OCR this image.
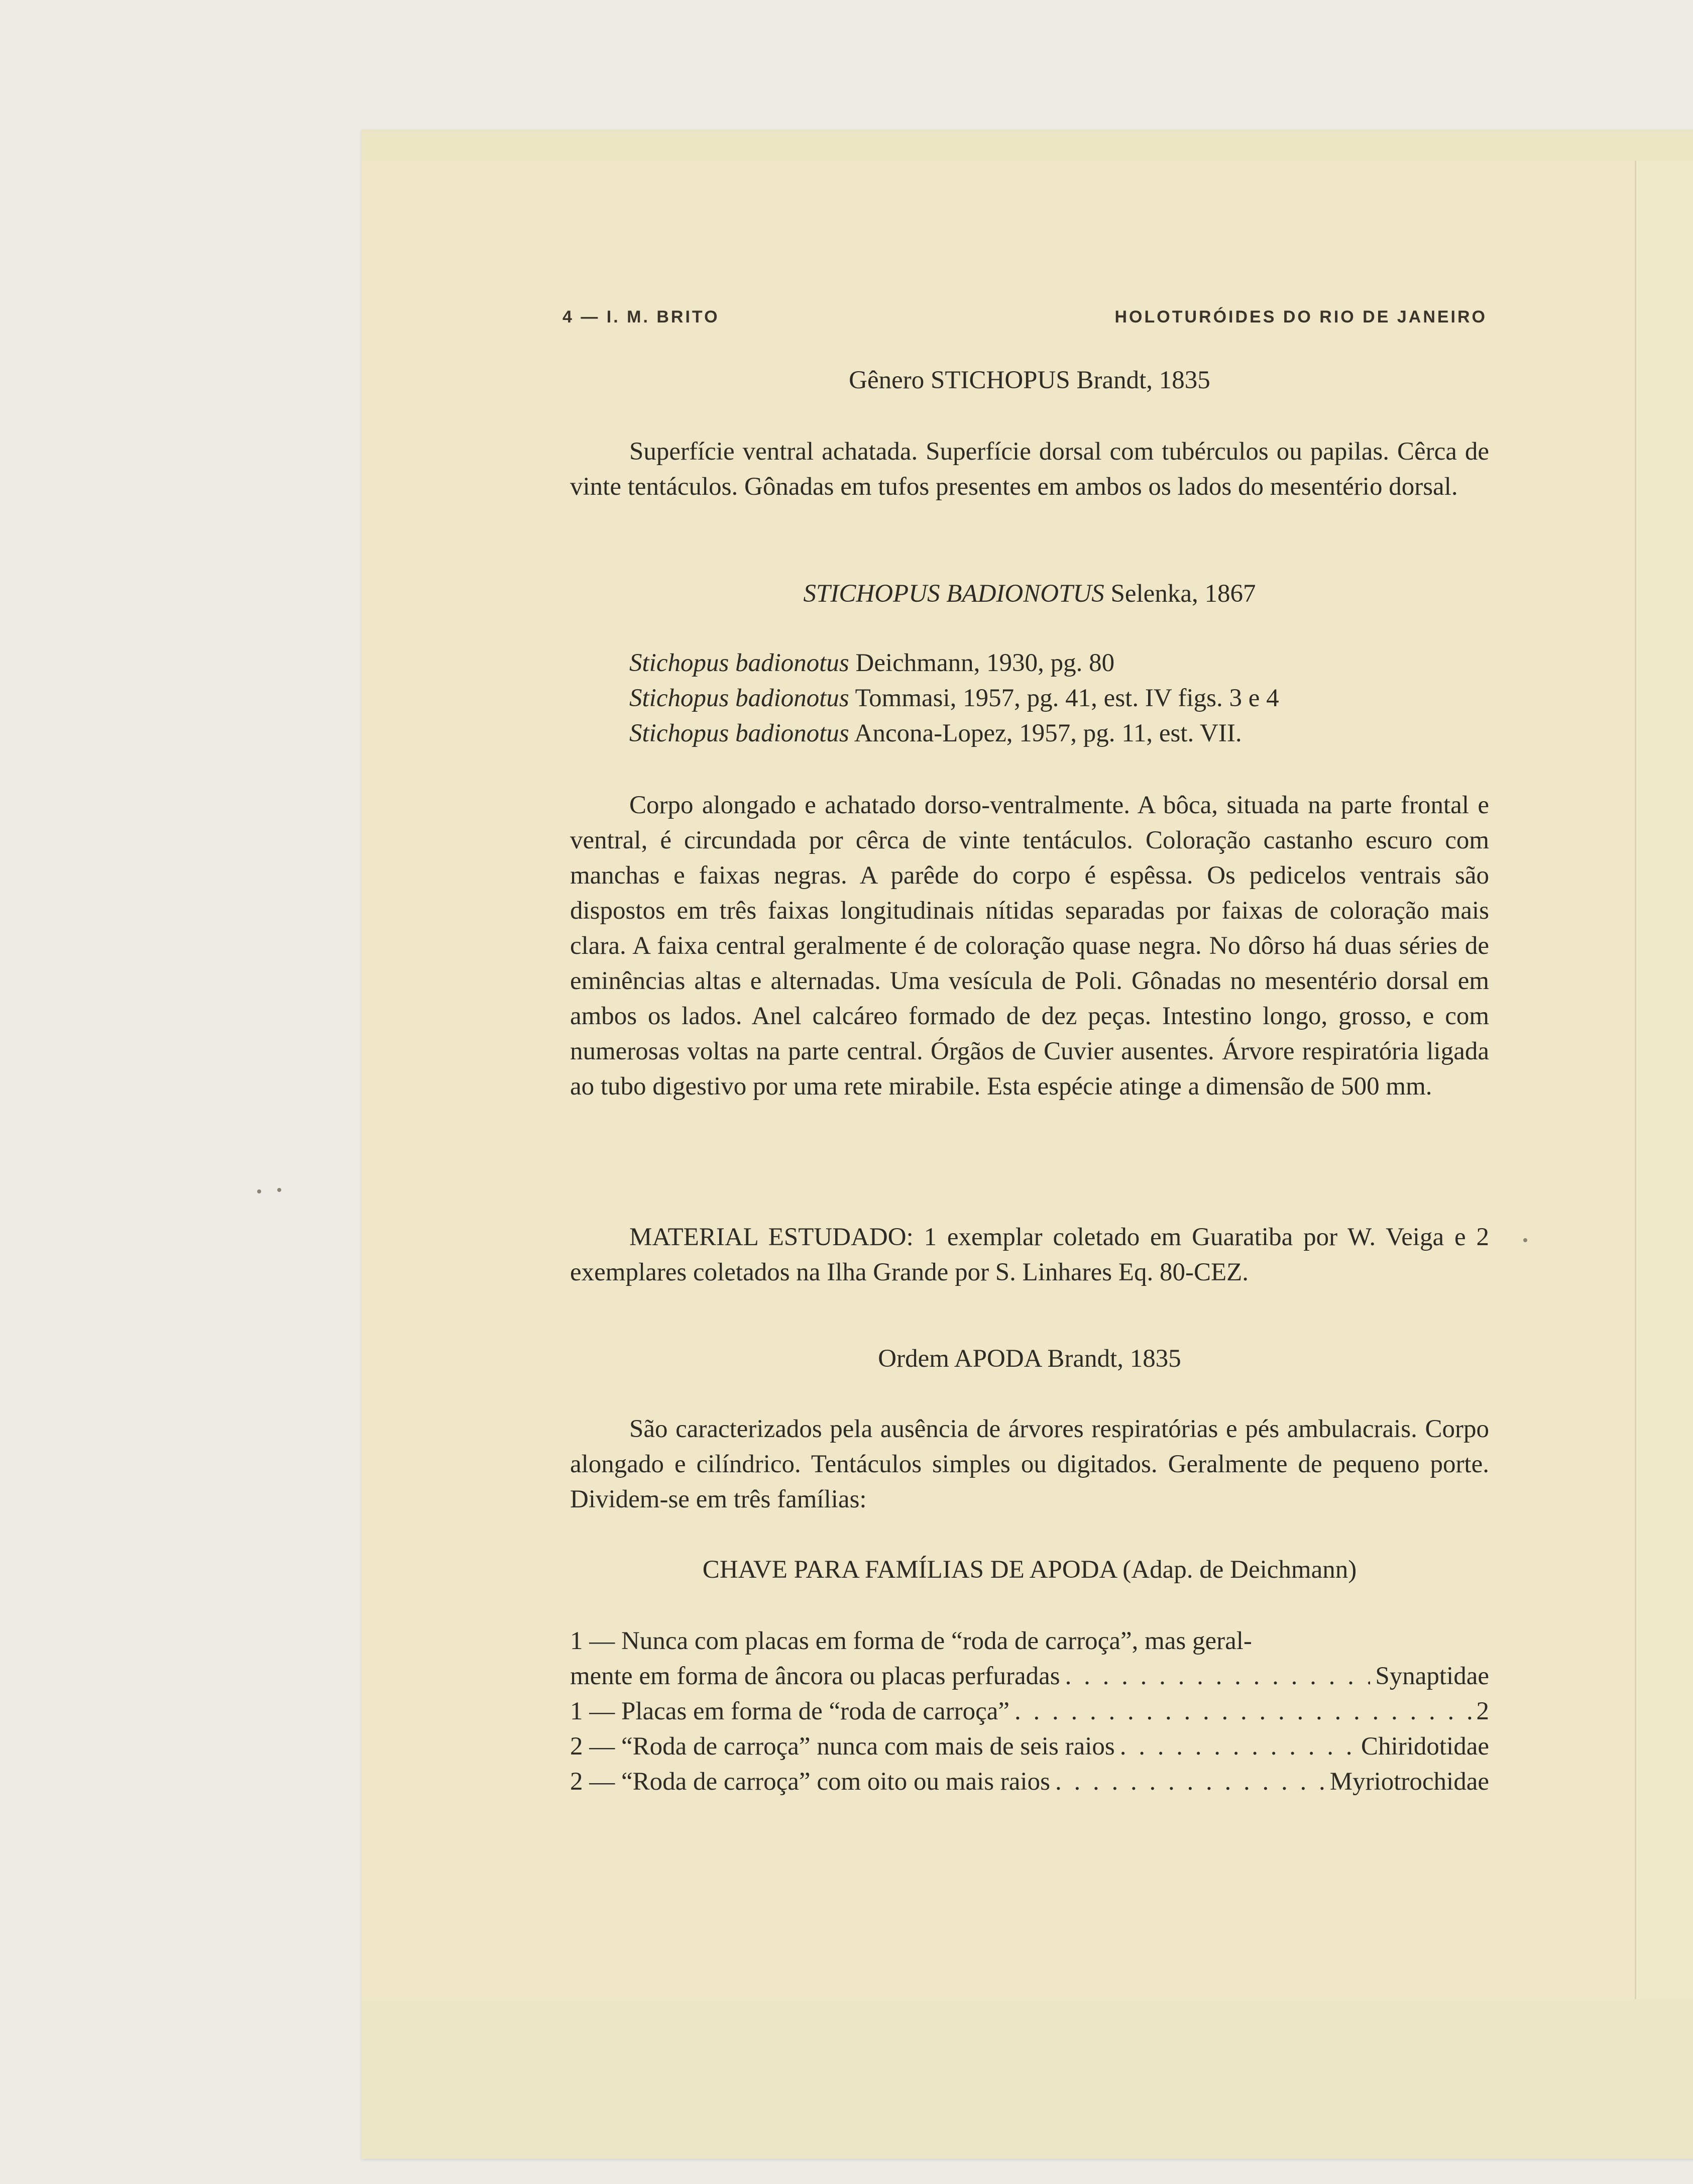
4 — I. M. BRITO	HOLOTURÓIDES DO RIO DE JANEIRO
Gênero STICHOPUS Brandt, 1835

Superfície ventral achatada. Superfície dorsal com tubérculos ou papilas. Cêrca de vinte tentáculos. Gônadas em tufos presentes em ambos os lados do mesentério dorsal.

STICHOPUS BADIONOTUS Selenka, 1867
Stichopus badionotus Deichmann, 1930, pg. 80
Stichopus badionotus Tommasi, 1957, pg. 41, est. IV figs. 3 e 4
Stichopus badionotus Ancona-Lopez, 1957, pg. 11, est. VII.

Corpo alongado e achatado dorso-ventralmente. A bôca, situada na parte frontal e ventral, é circundada por cêrca de vinte tentáculos. Coloração castanho escuro com manchas e faixas negras. A parêde do corpo é espêssa. Os pedicelos ventrais são dispostos em três faixas longitudinais nítidas separadas por faixas de coloração mais clara. A faixa central geralmente é de coloração quase negra. No dôrso há duas séries de eminências altas e alternadas. Uma vesícula de Poli. Gônadas no mesentério dorsal em ambos os lados. Anel calcáreo formado de dez peças. Intestino longo, grosso, e com numerosas voltas na parte central. Órgãos de Cuvier ausentes. Árvore respiratória ligada ao tubo digestivo por uma rete mirabile. Esta espécie atinge a dimensão de 500 mm.

MATERIAL ESTUDADO: 1 exemplar coletado em Guaratiba por W. Veiga e 2 exemplares coletados na Ilha Grande por S. Linhares Eq. 80-CEZ.

Ordem APODA Brandt, 1835

São caracterizados pela ausência de árvores respiratórias e pés ambulacrais. Corpo alongado e cilíndrico. Tentáculos simples ou digitados. Geralmente de pequeno porte. Dividem-se em três famílias:

CHAVE PARA FAMÍLIAS DE APODA (Adap. de Deichmann)
1 — Nunca com placas em forma de “roda de carroça”, mas geral-
mente em forma de âncora ou placas perfuradas . . .	Synaptidae
1 — Placas em forma de “roda de carroça” . . .	2
2 — “Roda de carroça” nunca com mais de seis raios . . .	Chiridotidae
2 — “Roda de carroça” com oito ou mais raios . . .	Myriotrochidae
